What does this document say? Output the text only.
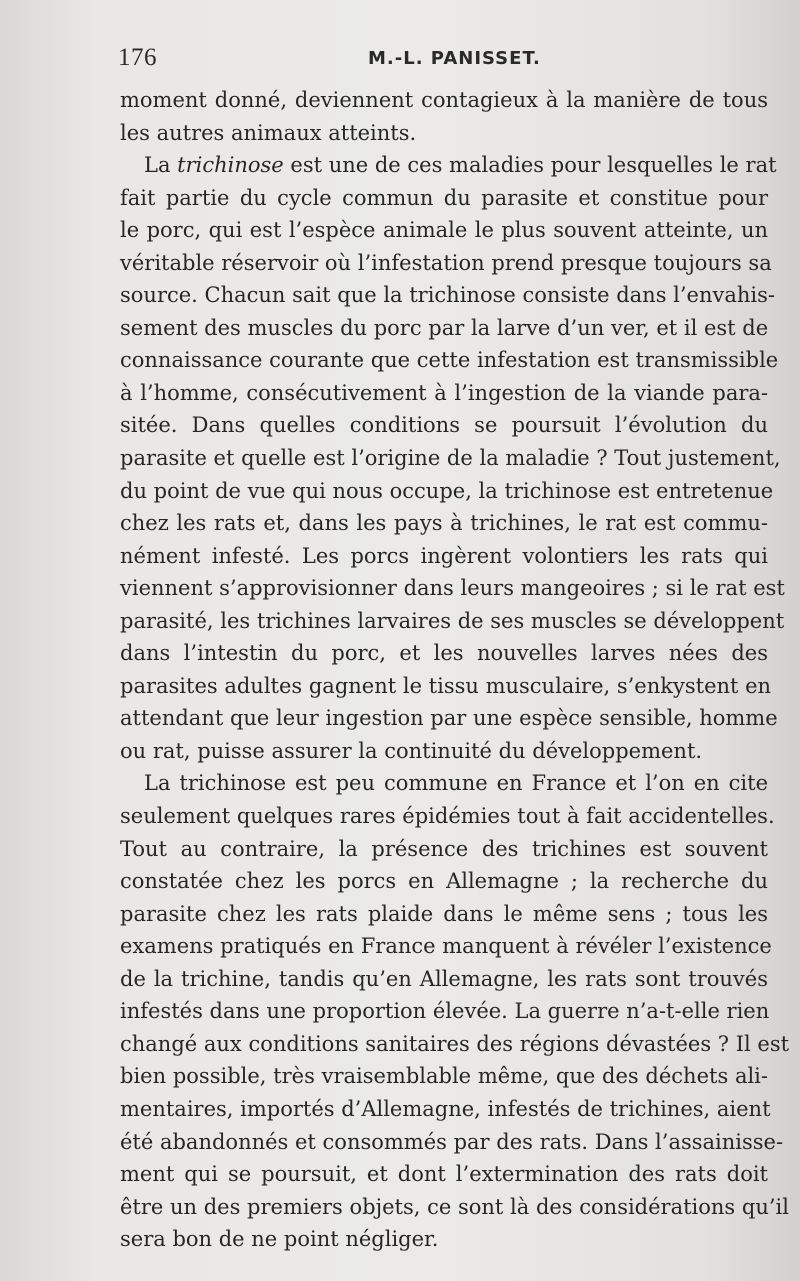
176	M.-L. PANISSET.
moment donné, deviennent contagieux à la manière de tous
les autres animaux atteints.
La trichinose est une de ces maladies pour lesquelles le rat
fait partie du cycle commun du parasite et constitue pour
le porc, qui est l’espèce animale le plus souvent atteinte, un
véritable réservoir où l’infestation prend presque toujours sa
source. Chacun sait que la trichinose consiste dans l’envahis-
sement des muscles du porc par la larve d’un ver, et il est de
connaissance courante que cette infestation est transmissible
à l’homme, consécutivement à l’ingestion de la viande para-
sitée. Dans quelles conditions se poursuit l’évolution du
parasite et quelle est l’origine de la maladie ? Tout justement,
du point de vue qui nous occupe, la trichinose est entretenue
chez les rats et, dans les pays à trichines, le rat est commu-
nément infesté. Les porcs ingèrent volontiers les rats qui
viennent s’approvisionner dans leurs mangeoires ; si le rat est
parasité, les trichines larvaires de ses muscles se développent
dans l’intestin du porc, et les nouvelles larves nées des
parasites adultes gagnent le tissu musculaire, s’enkystent en
attendant que leur ingestion par une espèce sensible, homme
ou rat, puisse assurer la continuité du développement.
La trichinose est peu commune en France et l’on en cite
seulement quelques rares épidémies tout à fait accidentelles.
Tout au contraire, la présence des trichines est souvent
constatée chez les porcs en Allemagne ; la recherche du
parasite chez les rats plaide dans le même sens ; tous les
examens pratiqués en France manquent à révéler l’existence
de la trichine, tandis qu’en Allemagne, les rats sont trouvés
infestés dans une proportion élevée. La guerre n’a-t-elle rien
changé aux conditions sanitaires des régions dévastées ? Il est
bien possible, très vraisemblable même, que des déchets ali-
mentaires, importés d’Allemagne, infestés de trichines, aient
été abandonnés et consommés par des rats. Dans l’assainisse-
ment qui se poursuit, et dont l’extermination des rats doit
être un des premiers objets, ce sont là des considérations qu’il
sera bon de ne point négliger.
